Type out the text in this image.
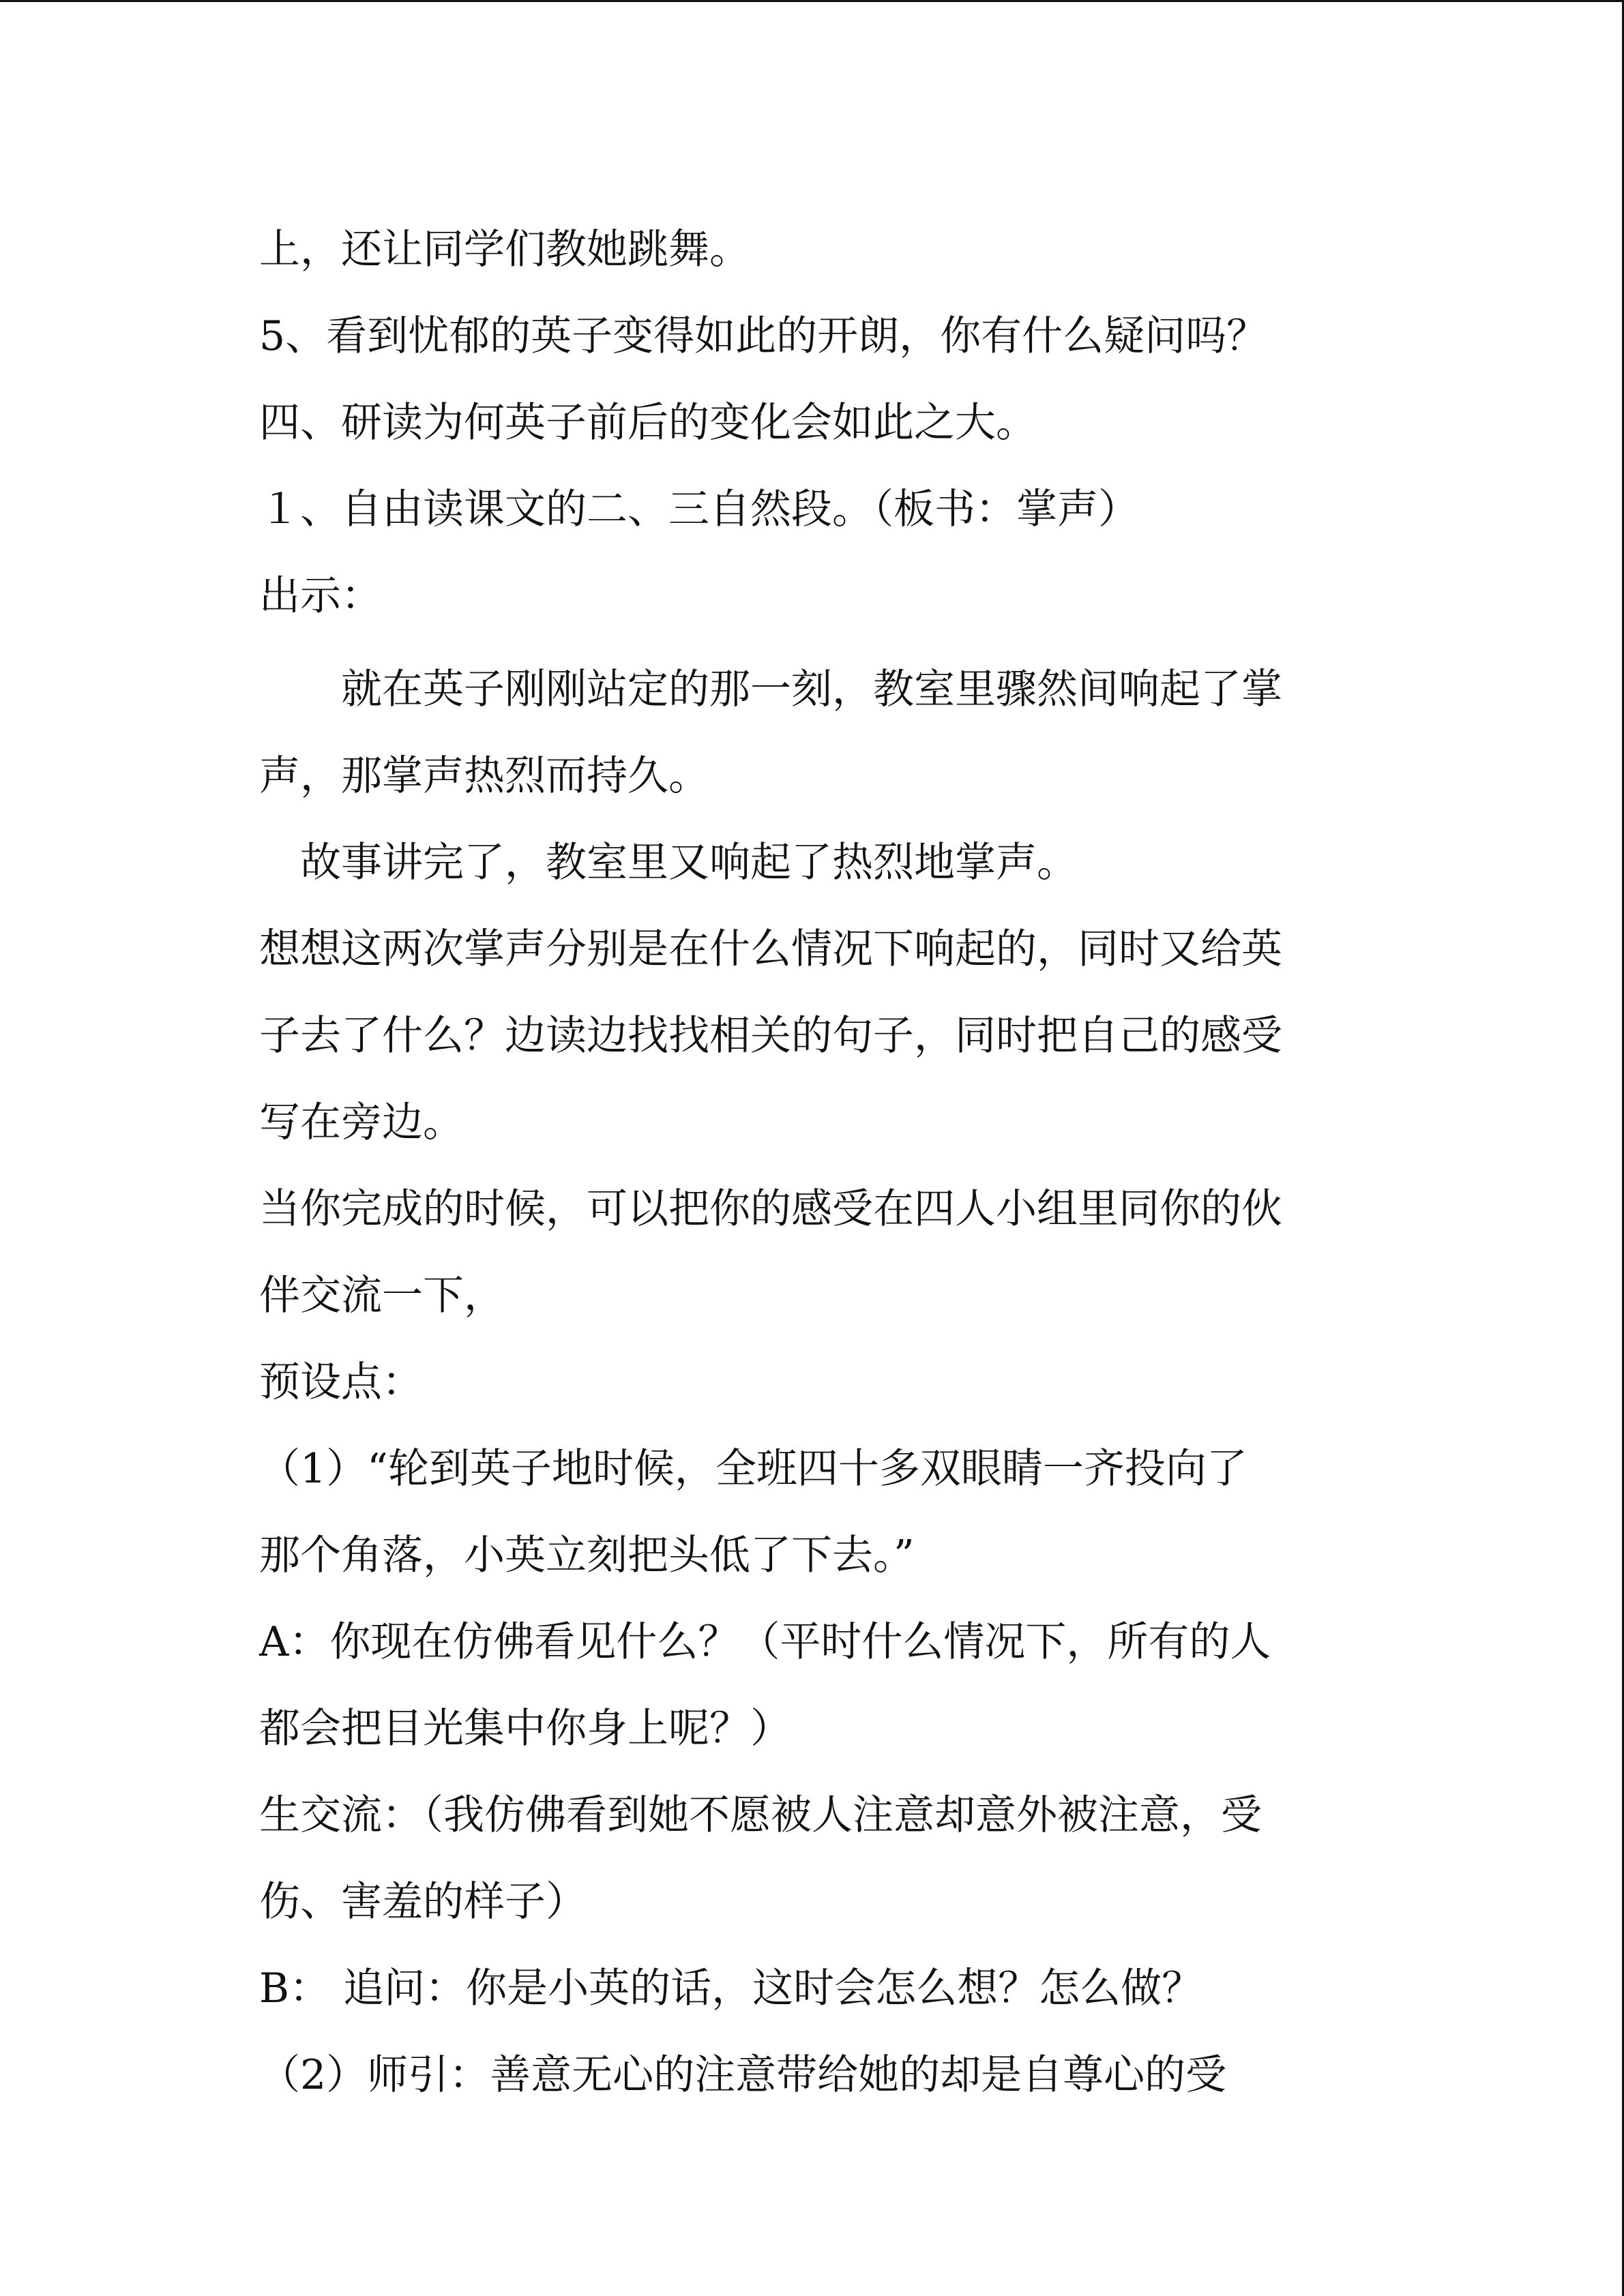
上，还让同学们教她跳舞。
5、看到忧郁的英子变得如此的开朗，你有什么疑问吗？
四、研读为何英子前后的变化会如此之大。
１、自由读课文的二、三自然段。（板书：掌声）
出示：
就在英子刚刚站定的那一刻，教室里骤然间响起了掌
声，那掌声热烈而持久。
故事讲完了，教室里又响起了热烈地掌声。
想想这两次掌声分别是在什么情况下响起的，同时又给英
子去了什么？边读边找找相关的句子，同时把自己的感受
写在旁边。
当你完成的时候，可以把你的感受在四人小组里同你的伙
伴交流一下，
预设点：
（1）“轮到英子地时候，全班四十多双眼睛一齐投向了
那个角落，小英立刻把头低了下去。”
A：你现在仿佛看见什么？（平时什么情况下，所有的人
都会把目光集中你身上呢？）
生交流：（我仿佛看到她不愿被人注意却意外被注意，受
伤、害羞的样子）
B： 追问：你是小英的话，这时会怎么想？怎么做？
（2）师引：善意无心的注意带给她的却是自尊心的受
